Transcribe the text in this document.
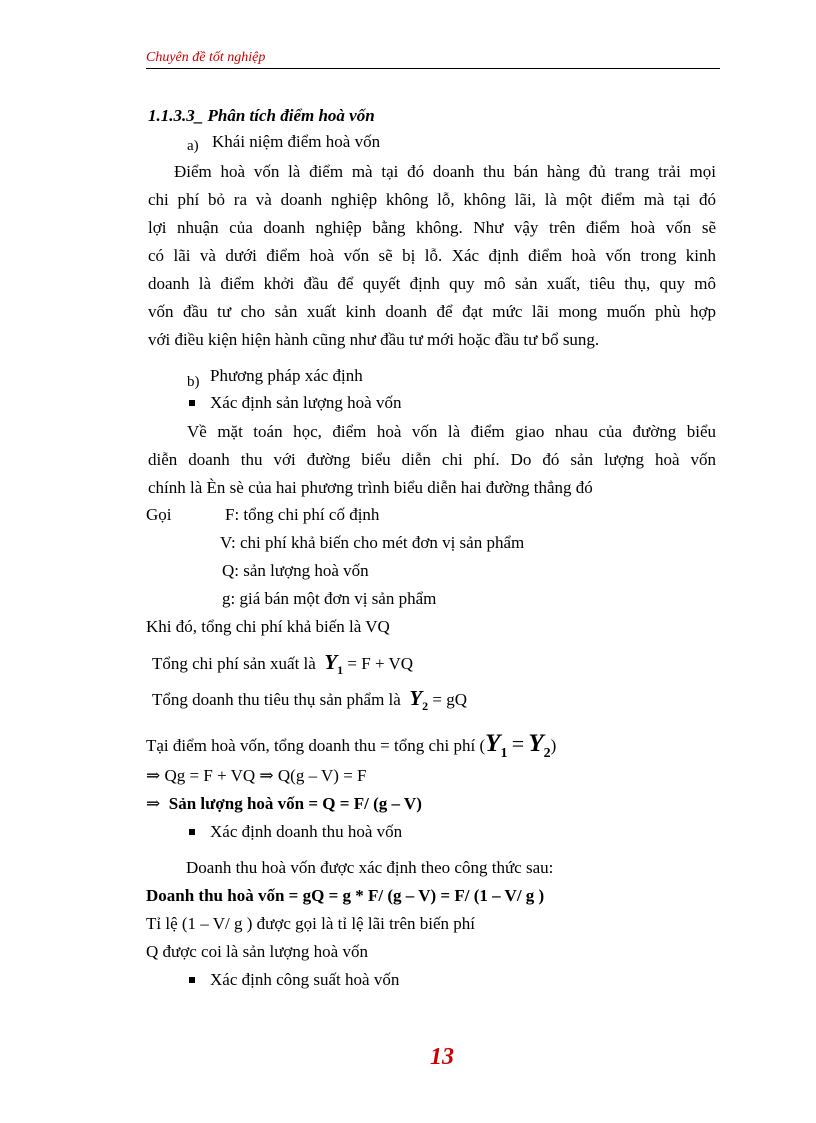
Chuyên đề tốt nghiệp
1.1.3.3_ Phân tích điểm hoà vốn
a) Khái niệm điểm hoà vốn
Điểm hoà vốn là điểm mà tại đó doanh thu bán hàng đủ trang trải mọi
chi phí bỏ ra và doanh nghiệp không lỗ, không lãi, là một điểm mà tại đó
lợi nhuận của doanh nghiệp bằng không. Như vậy trên điểm hoà vốn sẽ
có lãi và dưới điểm hoà vốn sẽ bị lỗ. Xác định điểm hoà vốn trong kinh
doanh là điểm khởi đầu để quyết định quy mô sản xuất, tiêu thụ, quy mô
vốn đầu tư cho sản xuất kinh doanh để đạt mức lãi mong muốn phù hợp
với điều kiện hiện hành cũng như đầu tư mới hoặc đầu tư bổ sung.
b) Phương pháp xác định
Xác định sản lượng hoà vốn
Về mặt toán học, điểm hoà vốn là điểm giao nhau của đường biểu
diễn doanh thu với đường biểu diễn chi phí. Do đó sản lượng hoà vốn
chính là Èn sè của hai phương trình biểu diễn hai đường thẳng đó
Gọi	F: tổng chi phí cố định
V: chi phí khả biến cho mét đơn vị sản phẩm
Q: sản lượng hoà vốn
g: giá bán một đơn vị sản phẩm
Khi đó, tổng chi phí khả biến là VQ
Tổng chi phí sản xuất là $Y_1 = F$ + VQ
Tổng doanh thu tiêu thụ sản phẩm là $Y_2$ = gQ
Tại điểm hoà vốn, tổng doanh thu = tổng chi phí $(Y_1 = Y_2)$
⇒ Qg = F + VQ ⇒ Q(g – V) = F
⇒ Sản lượng hoà vốn = Q = F/ (g – V)
Xác định doanh thu hoà vốn
Doanh thu hoà vốn được xác định theo công thức sau:
Doanh thu hoà vốn = gQ = g * F/ (g – V) = F/ (1 – V/ g )
Tỉ lệ (1 – V/ g ) được gọi là tỉ lệ lãi trên biến phí
Q được coi là sản lượng hoà vốn
Xác định công suất hoà vốn
13
